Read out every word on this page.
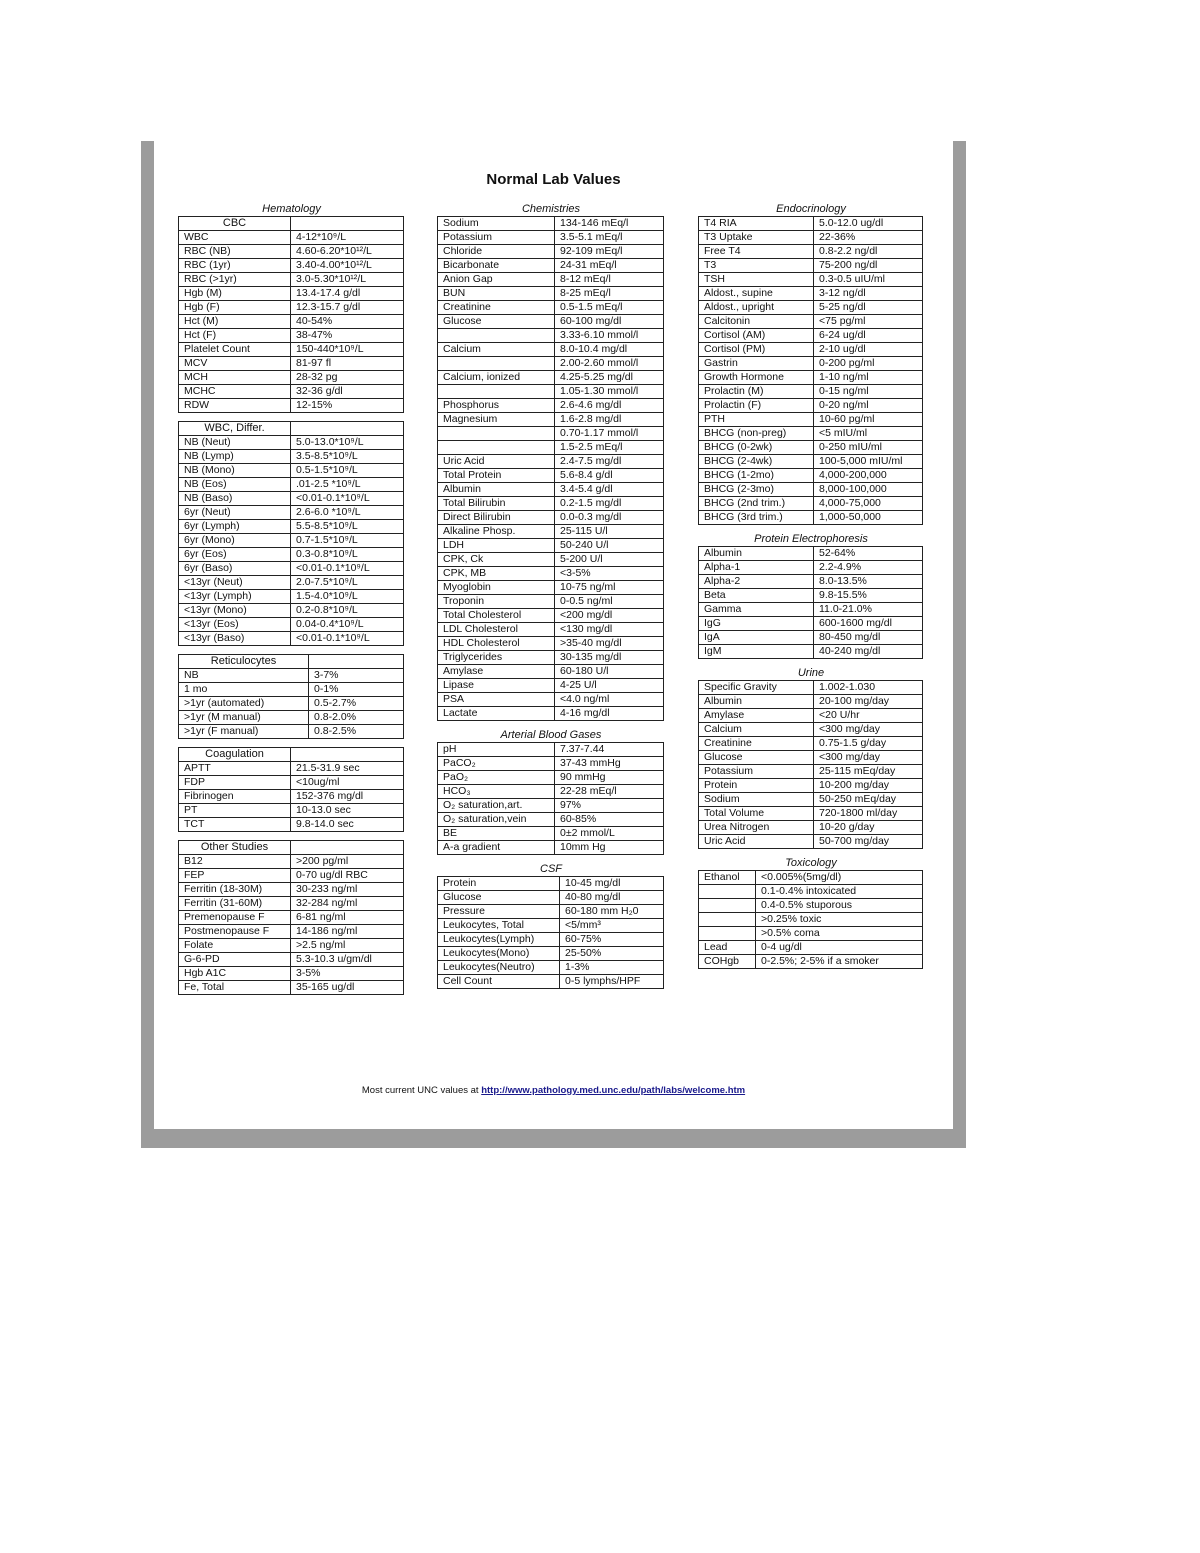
Normal Lab Values
Hematology
CBC	
WBC	4-12*10⁹/L
RBC (NB)	4.60-6.20*10¹²/L
RBC (1yr)	3.40-4.00*10¹²/L
RBC (>1yr)	3.0-5.30*10¹²/L
Hgb (M)	13.4-17.4 g/dl
Hgb (F)	12.3-15.7 g/dl
Hct (M)	40-54%
Hct (F)	38-47%
Platelet Count	150-440*10⁹/L
MCV	81-97 fl
MCH	28-32 pg
MCHC	32-36 g/dl
RDW	12-15%
WBC, Differ.	
NB (Neut)	5.0-13.0*10⁹/L
NB (Lymp)	3.5-8.5*10⁹/L
NB (Mono)	0.5-1.5*10⁹/L
NB (Eos)	.01-2.5 *10⁹/L
NB (Baso)	<0.01-0.1*10⁹/L
6yr (Neut)	2.6-6.0 *10⁹/L
6yr (Lymph)	5.5-8.5*10⁹/L
6yr (Mono)	0.7-1.5*10⁹/L
6yr (Eos)	0.3-0.8*10⁹/L
6yr (Baso)	<0.01-0.1*10⁹/L
<13yr (Neut)	2.0-7.5*10⁹/L
<13yr (Lymph)	1.5-4.0*10⁹/L
<13yr (Mono)	0.2-0.8*10⁹/L
<13yr (Eos)	0.04-0.4*10⁹/L
<13yr (Baso)	<0.01-0.1*10⁹/L
Reticulocytes	
NB	3-7%
1 mo	0-1%
>1yr (automated)	0.5-2.7%
>1yr (M manual)	0.8-2.0%
>1yr (F manual)	0.8-2.5%
Coagulation	
APTT	21.5-31.9 sec
FDP	<10ug/ml
Fibrinogen	152-376 mg/dl
PT	10-13.0 sec
TCT	9.8-14.0 sec
Other Studies	
B12	>200 pg/ml
FEP	0-70 ug/dl RBC
Ferritin (18-30M)	30-233 ng/ml
Ferritin (31-60M)	32-284 ng/ml
Premenopause F	6-81 ng/ml
Postmenopause F	14-186 ng/ml
Folate	>2.5 ng/ml
G-6-PD	5.3-10.3 u/gm/dl
Hgb A1C	3-5%
Fe, Total	35-165 ug/dl
Chemistries
Sodium	134-146 mEq/l
Potassium	3.5-5.1 mEq/l
Chloride	92-109 mEq/l
Bicarbonate	24-31 mEq/l
Anion Gap	8-12 mEq/l
BUN	8-25 mEq/l
Creatinine	0.5-1.5 mEq/l
Glucose	60-100 mg/dl
	3.33-6.10 mmol/l
Calcium	8.0-10.4 mg/dl
	2.00-2.60 mmol/l
Calcium, ionized	4.25-5.25 mg/dl
	1.05-1.30 mmol/l
Phosphorus	2.6-4.6 mg/dl
Magnesium	1.6-2.8 mg/dl
	0.70-1.17 mmol/l
	1.5-2.5 mEq/l
Uric Acid	2.4-7.5 mg/dl
Total Protein	5.6-8.4 g/dl
Albumin	3.4-5.4 g/dl
Total Bilirubin	0.2-1.5 mg/dl
Direct Bilirubin	0.0-0.3 mg/dl
Alkaline Phosp.	25-115 U/l
LDH	50-240 U/l
CPK, Ck	5-200 U/l
CPK, MB	<3-5%
Myoglobin	10-75 ng/ml
Troponin	0-0.5 ng/ml
Total Cholesterol	<200 mg/dl
LDL Cholesterol	<130 mg/dl
HDL Cholesterol	>35-40 mg/dl
Triglycerides	30-135 mg/dl
Amylase	60-180 U/l
Lipase	4-25 U/l
PSA	<4.0 ng/ml
Lactate	4-16 mg/dl
Arterial Blood Gases
pH	7.37-7.44
PaCO₂	37-43 mmHg
PaO₂	90 mmHg
HCO₃	22-28 mEq/l
O₂ saturation,art.	97%
O₂ saturation,vein	60-85%
BE	0±2 mmol/L
A-a gradient	10mm Hg
CSF
Protein	10-45 mg/dl
Glucose	40-80 mg/dl
Pressure	60-180 mm H₂0
Leukocytes, Total	<5/mm³
Leukocytes(Lymph)	60-75%
Leukocytes(Mono)	25-50%
Leukocytes(Neutro)	1-3%
Cell Count	0-5 lymphs/HPF
Endocrinology
T4 RIA	5.0-12.0 ug/dl
T3 Uptake	22-36%
Free T4	0.8-2.2 ng/dl
T3	75-200 ng/dl
TSH	0.3-0.5 uIU/ml
Aldost., supine	3-12 ng/dl
Aldost., upright	5-25 ng/dl
Calcitonin	<75 pg/ml
Cortisol (AM)	6-24 ug/dl
Cortisol (PM)	2-10 ug/dl
Gastrin	0-200 pg/ml
Growth Hormone	1-10 ng/ml
Prolactin (M)	0-15 ng/ml
Prolactin (F)	0-20 ng/ml
PTH	10-60 pg/ml
BHCG (non-preg)	<5 mIU/ml
BHCG (0-2wk)	0-250 mIU/ml
BHCG (2-4wk)	100-5,000 mIU/ml
BHCG (1-2mo)	4,000-200,000
BHCG (2-3mo)	8,000-100,000
BHCG (2nd trim.)	4,000-75,000
BHCG (3rd trim.)	1,000-50,000
Protein Electrophoresis
Albumin	52-64%
Alpha-1	2.2-4.9%
Alpha-2	8.0-13.5%
Beta	9.8-15.5%
Gamma	11.0-21.0%
IgG	600-1600 mg/dl
IgA	80-450 mg/dl
IgM	40-240 mg/dl
Urine
Specific Gravity	1.002-1.030
Albumin	20-100 mg/day
Amylase	<20 U/hr
Calcium	<300 mg/day
Creatinine	0.75-1.5 g/day
Glucose	<300 mg/day
Potassium	25-115 mEq/day
Protein	10-200 mg/day
Sodium	50-250 mEq/day
Total Volume	720-1800 ml/day
Urea Nitrogen	10-20 g/day
Uric Acid	50-700 mg/day
Toxicology
Ethanol	<0.005%(5mg/dl)
	0.1-0.4% intoxicated
	0.4-0.5% stuporous
	>0.25% toxic
	>0.5% coma
Lead	0-4 ug/dl
COHgb	0-2.5%; 2-5% if a smoker
Most current UNC values at http://www.pathology.med.unc.edu/path/labs/welcome.htm
